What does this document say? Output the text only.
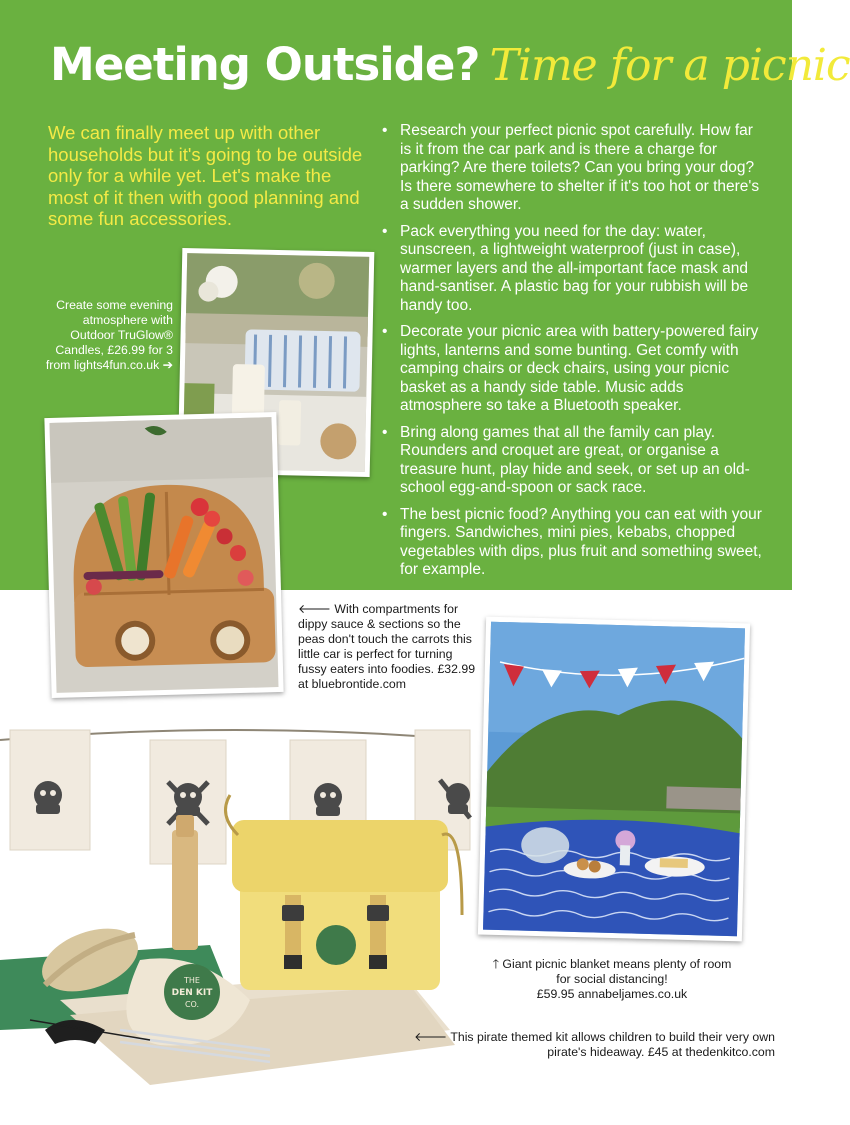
Meeting Outside? Time for a picnic

We can finally meet up with other households but it's going to be outside only for a while yet. Let's make the most of it then with good planning and some fun accessories.

• Research your perfect picnic spot carefully. How far is it from the car park and is there a charge for parking? Are there toilets? Can you bring your dog? Is there somewhere to shelter if it's too hot or there's a sudden shower.
• Pack everything you need for the day: water, sunscreen, a lightweight waterproof (just in case), warmer layers and the all-important face mask and hand-santiser. A plastic bag for your rubbish will be handy too.
• Decorate your picnic area with battery-powered fairy lights, lanterns and some bunting. Get comfy with camping chairs or deck chairs, using your picnic basket as a handy side table. Music adds atmosphere so take a Bluetooth speaker.
• Bring along games that all the family can play. Rounders and croquet are great, or organise a treasure hunt, play hide and seek, or set up an old-school egg-and-spoon or sack race.
• The best picnic food? Anything you can eat with your fingers. Sandwiches, mini pies, kebabs, chopped vegetables with dips, plus fruit and something sweet, for example.

Create some evening atmosphere with Outdoor TruGlow® Candles, £26.99 for 3 from lights4fun.co.uk ➔

🡐 With compartments for dippy sauce & sections so the peas don't touch the carrots this little car is perfect for turning fussy eaters into foodies. £32.99 at bluebrontide.com

🡑 Giant picnic blanket means plenty of room for social distancing!
£59.95 annabeljames.co.uk

THE
DEN KIT
CO.

🡐 This pirate themed kit allows children to build their very own pirate's hideaway. £45 at thedenkitco.com
